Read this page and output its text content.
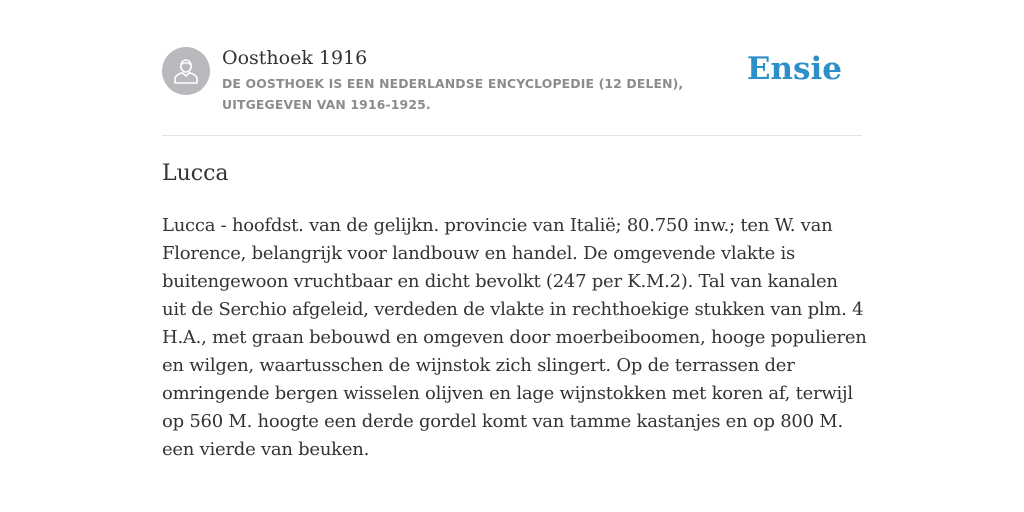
Oosthoek 1916
DE OOSTHOEK IS EEN NEDERLANDSE ENCYCLOPEDIE (12 DELEN), UITGEGEVEN VAN 1916-1925.
Ensie
Lucca

Lucca - hoofdst. van de gelijkn. provincie van Italië; 80.750 inw.; ten W. van Florence, belangrijk voor landbouw en handel. De omgevende vlakte is buitengewoon vruchtbaar en dicht bevolkt (247 per K.M.2). Tal van kanalen uit de Serchio afgeleid, verdeden de vlakte in rechthoekige stukken van plm. 4 H.A., met graan bebouwd en omgeven door moerbeiboomen, hooge populieren en wilgen, waartusschen de wijnstok zich slingert. Op de terrassen der omringende bergen wisselen olijven en lage wijnstokken met koren af, terwijl op 560 M. hoogte een derde gordel komt van tamme kastanjes en op 800 M. een vierde van beuken.
